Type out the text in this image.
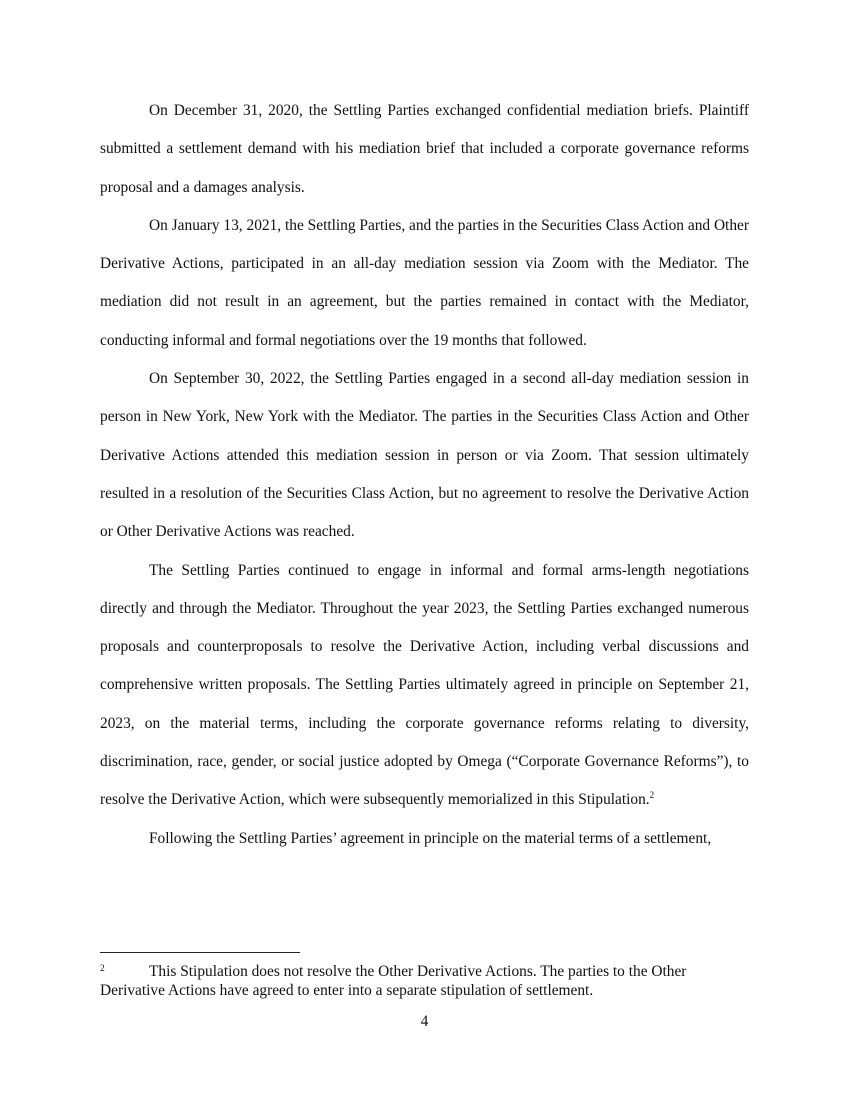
On December 31, 2020, the Settling Parties exchanged confidential mediation briefs. Plaintiff submitted a settlement demand with his mediation brief that included a corporate governance reforms proposal and a damages analysis.

On January 13, 2021, the Settling Parties, and the parties in the Securities Class Action and Other Derivative Actions, participated in an all-day mediation session via Zoom with the Mediator. The mediation did not result in an agreement, but the parties remained in contact with the Mediator, conducting informal and formal negotiations over the 19 months that followed.

On September 30, 2022, the Settling Parties engaged in a second all-day mediation session in person in New York, New York with the Mediator. The parties in the Securities Class Action and Other Derivative Actions attended this mediation session in person or via Zoom. That session ultimately resulted in a resolution of the Securities Class Action, but no agreement to resolve the Derivative Action or Other Derivative Actions was reached.

The Settling Parties continued to engage in informal and formal arms-length negotiations directly and through the Mediator. Throughout the year 2023, the Settling Parties exchanged numerous proposals and counterproposals to resolve the Derivative Action, including verbal discussions and comprehensive written proposals. The Settling Parties ultimately agreed in principle on September 21, 2023, on the material terms, including the corporate governance reforms relating to diversity, discrimination, race, gender, or social justice adopted by Omega (“Corporate Governance Reforms”), to resolve the Derivative Action, which were subsequently memorialized in this Stipulation.$^2$

Following the Settling Parties’ agreement in principle on the material terms of a settlement,

2	This Stipulation does not resolve the Other Derivative Actions. The parties to the Other Derivative Actions have agreed to enter into a separate stipulation of settlement.

4
